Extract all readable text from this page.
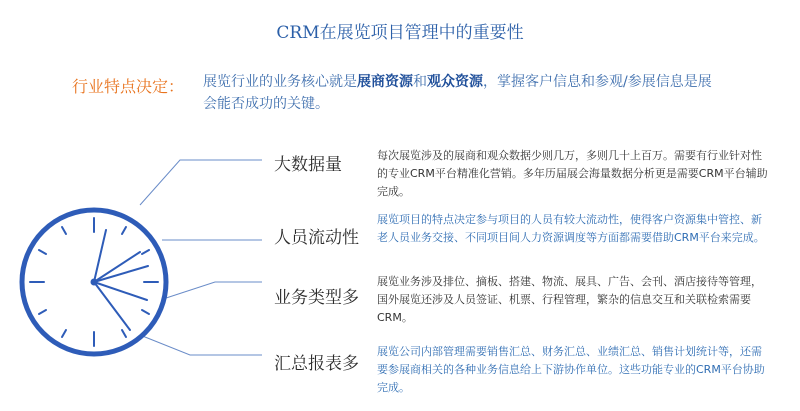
CRM在展览项目管理中的重要性
行业特点决定： 展览行业的业务核心就是展商资源和观众资源，掌握客户信息和参观/参展信息是展会能否成功的关键。
大数据量	每次展览涉及的展商和观众数据少则几万，多则几十上百万。需要有行业针对性的专业CRM平台精准化营销。多年历届展会海量数据分析更是需要CRM平台辅助完成。
人员流动性
展览项目的特点决定参与项目的人员有较大流动性，使得客户资源集中管控、新老人员业务交接、不同项目间人力资源调度等方面都需要借助CRM平台来完成。
业务类型多
展览业务涉及排位、摘板、搭建、物流、展具、广告、会刊、酒店接待等管理，国外展览还涉及人员签证、机票、行程管理，繁杂的信息交互和关联检索需要CRM。
汇总报表多
展览公司内部管理需要销售汇总、财务汇总、业绩汇总、销售计划统计等，还需要参展商相关的各种业务信息给上下游协作单位。这些功能专业的CRM平台协助完成。
